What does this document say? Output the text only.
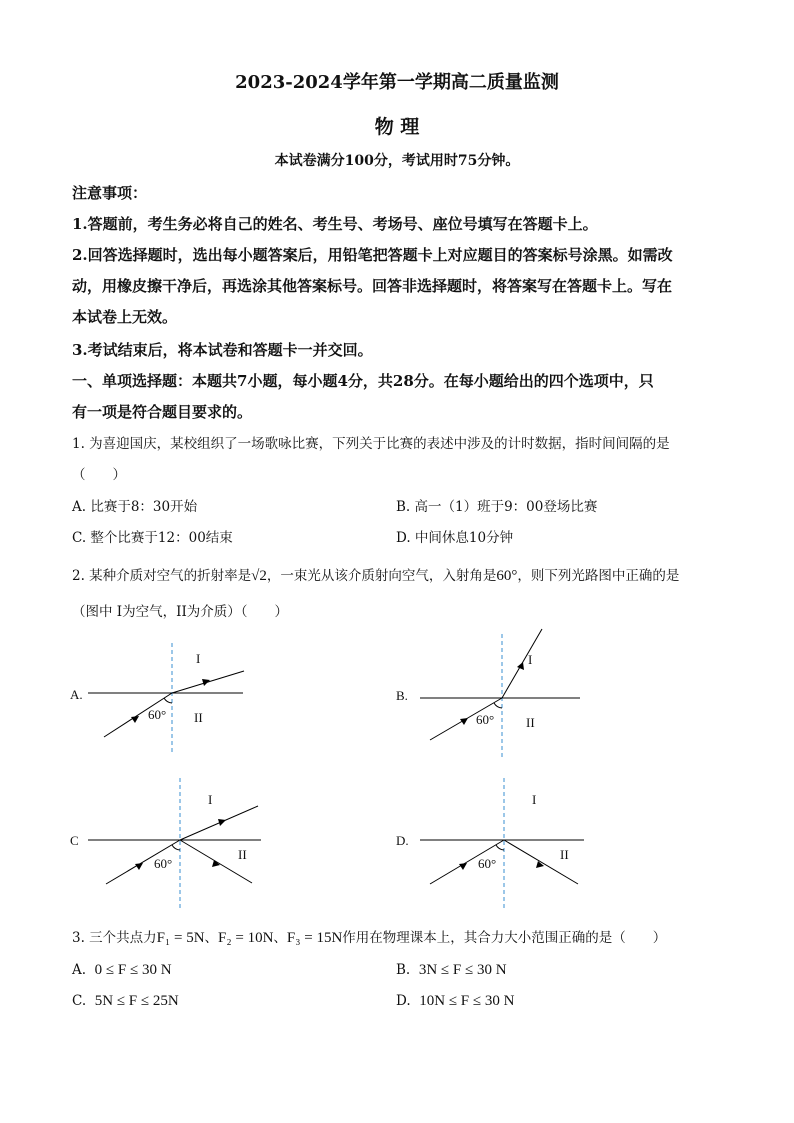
2023-2024学年第一学期高二质量监测
物 理
本试卷满分100分，考试用时75分钟。
注意事项：
1.答题前，考生务必将自己的姓名、考生号、考场号、座位号填写在答题卡上。
2.回答选择题时，选出每小题答案后，用铅笔把答题卡上对应题目的答案标号涂黑。如需改
动，用橡皮擦干净后，再选涂其他答案标号。回答非选择题时，将答案写在答题卡上。写在
本试卷上无效。
3.考试结束后，将本试卷和答题卡一并交回。
一、单项选择题：本题共7小题，每小题4分，共28分。在每小题给出的四个选项中，只
有一项是符合题目要求的。
1. 为喜迎国庆，某校组织了一场歌咏比赛，下列关于比赛的表述中涉及的计时数据，指时间间隔的是
（　　）
A. 比赛于8：30开始	B. 高一（1）班于9：00登场比赛
C. 整个比赛于12：00结束	D. 中间休息10分钟
2. 某种介质对空气的折射率是√2，一束光从该介质射向空气，入射角是60°，则下列光路图中正确的是
（图中 I为空气，II为介质）（　　）
A.
I
II
60°
B.
I
II
60°
C
I
II
60°
D.
I
II
60°
3. 三个共点力F₁ = 5N、F₂ = 10N、F₃ = 15N作用在物理课本上，其合力大小范围正确的是（　　）
A. 0 ≤ F ≤ 30 N	B. 3N ≤ F ≤ 30 N
C. 5N ≤ F ≤ 25N	D. 10N ≤ F ≤ 30 N
